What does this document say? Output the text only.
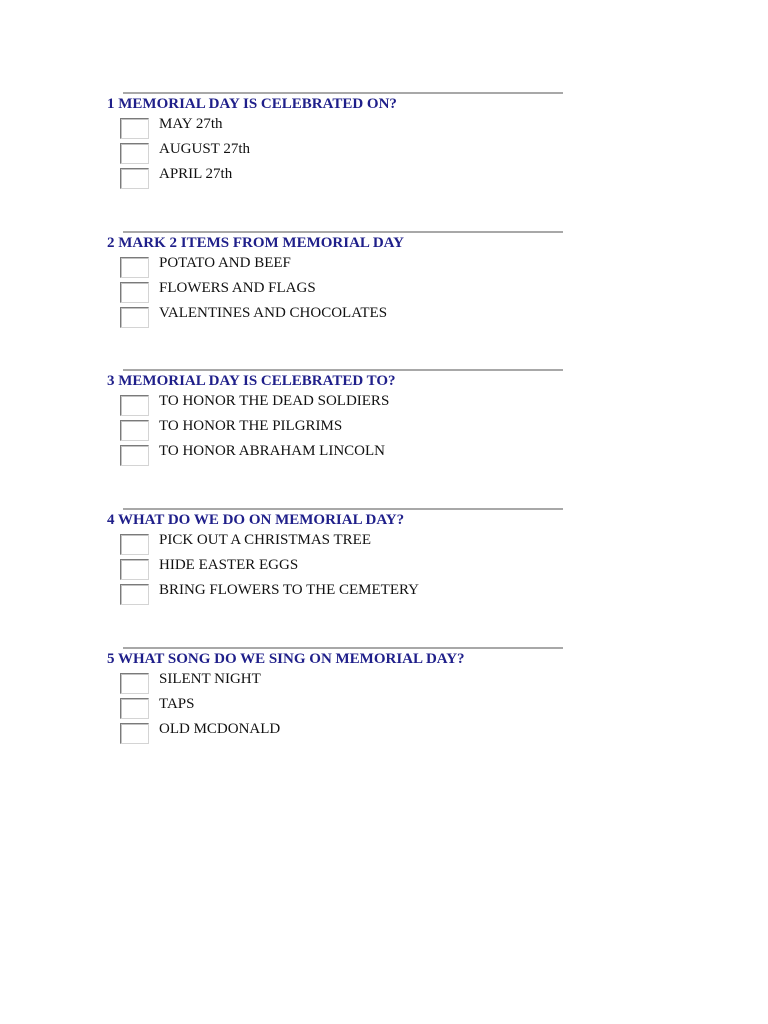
1 MEMORIAL DAY IS CELEBRATED ON?
MAY 27th
AUGUST 27th
APRIL 27th
2 MARK 2 ITEMS FROM MEMORIAL DAY
POTATO AND BEEF
FLOWERS AND FLAGS
VALENTINES AND CHOCOLATES
3 MEMORIAL DAY IS CELEBRATED TO?
TO HONOR THE DEAD SOLDIERS
TO HONOR THE PILGRIMS
TO HONOR ABRAHAM LINCOLN
4 WHAT DO WE DO ON MEMORIAL DAY?
PICK OUT A CHRISTMAS TREE
HIDE EASTER EGGS
BRING FLOWERS TO THE CEMETERY
5 WHAT SONG DO WE SING ON MEMORIAL DAY?
SILENT NIGHT
TAPS
OLD MCDONALD
